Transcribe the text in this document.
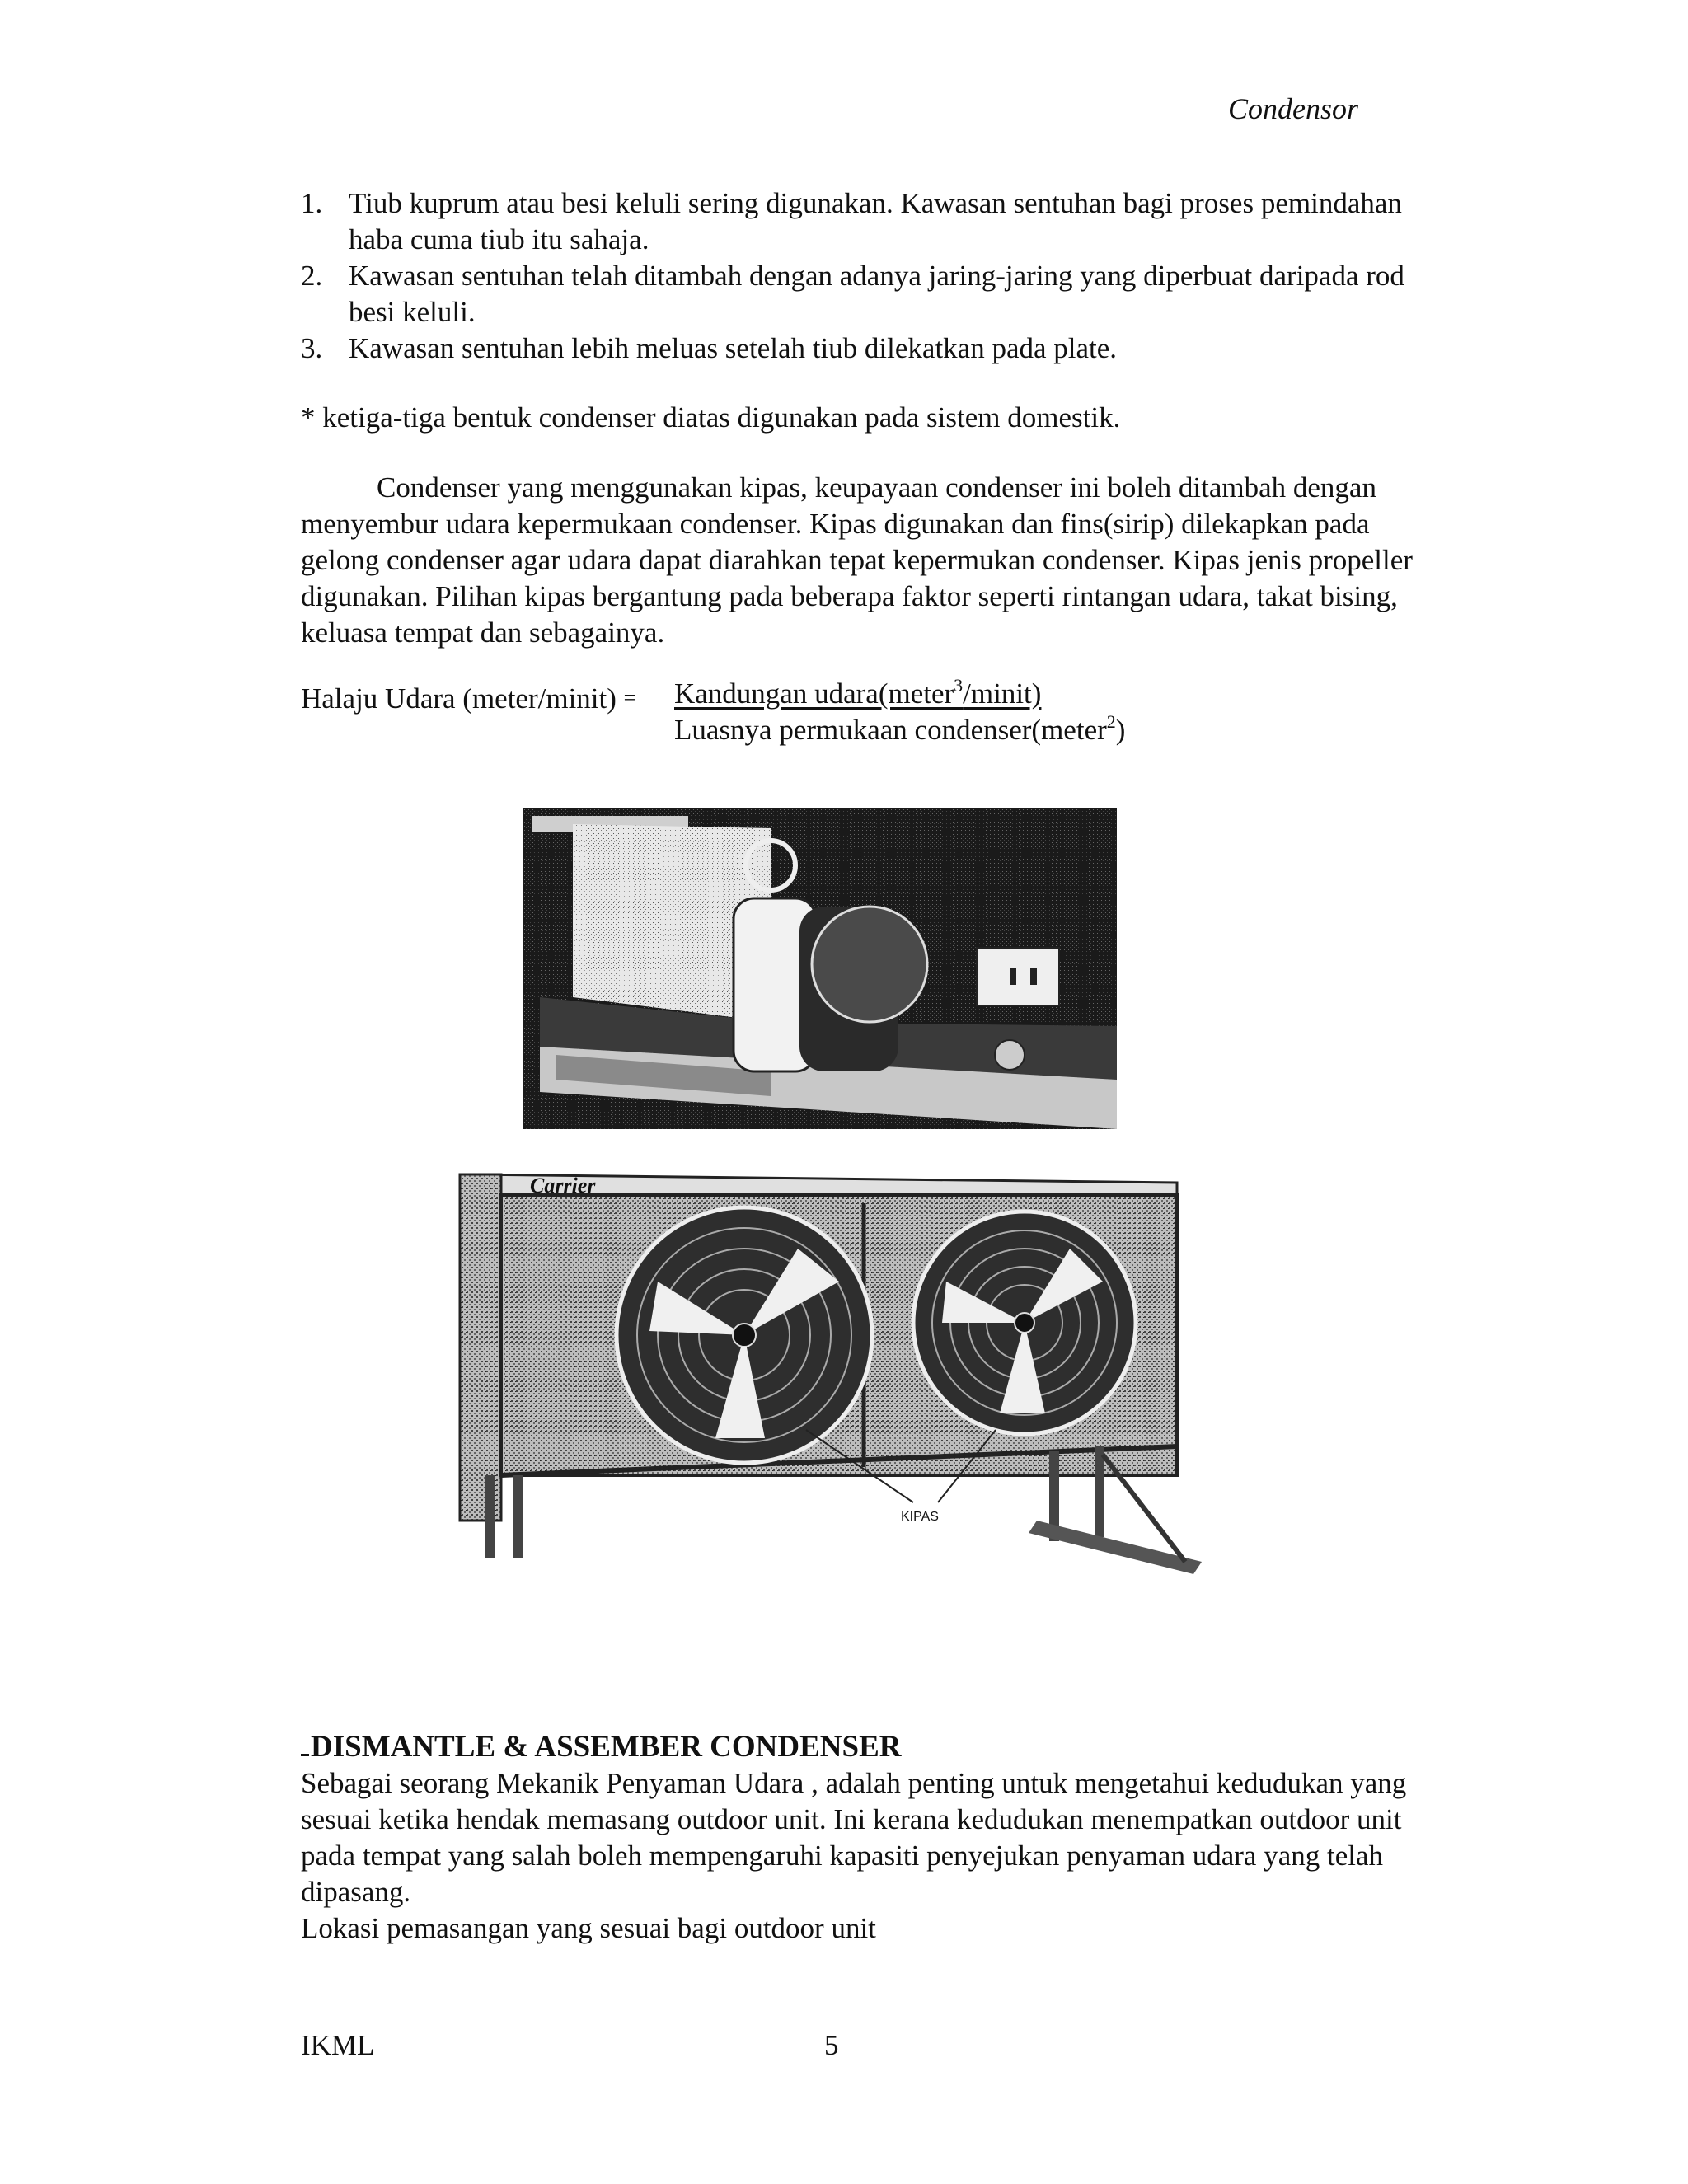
Condensor
1. Tiub kuprum atau besi keluli sering digunakan. Kawasan sentuhan bagi proses pemindahan haba cuma tiub itu sahaja.
2. Kawasan sentuhan telah ditambah dengan adanya jaring-jaring yang diperbuat daripada rod besi keluli.
3. Kawasan sentuhan lebih meluas setelah tiub dilekatkan pada plate.
* ketiga-tiga bentuk condenser diatas digunakan pada sistem domestik.
Condenser yang menggunakan kipas, keupayaan condenser ini boleh ditambah dengan menyembur udara kepermukaan condenser. Kipas digunakan dan fins(sirip) dilekapkan pada gelong condenser agar udara dapat diarahkan tepat kepermukan condenser. Kipas jenis propeller digunakan. Pilihan kipas bergantung pada beberapa faktor seperti rintangan udara, takat bising, keluasa tempat dan sebagainya.
Halaju Udara (meter/minit) = Kandungan udara(meter$^3$/minit)
Luasnya permukaan condenser(meter$^2$)
Carrier
KIPAS
DISMANTLE & ASSEMBER CONDENSER
Sebagai seorang Mekanik Penyaman Udara , adalah penting untuk mengetahui kedudukan yang sesuai ketika hendak memasang outdoor unit. Ini kerana kedudukan menempatkan outdoor unit pada tempat yang salah boleh mempengaruhi kapasiti penyejukan penyaman udara yang telah dipasang.
Lokasi pemasangan yang sesuai bagi outdoor unit
IKML	5
